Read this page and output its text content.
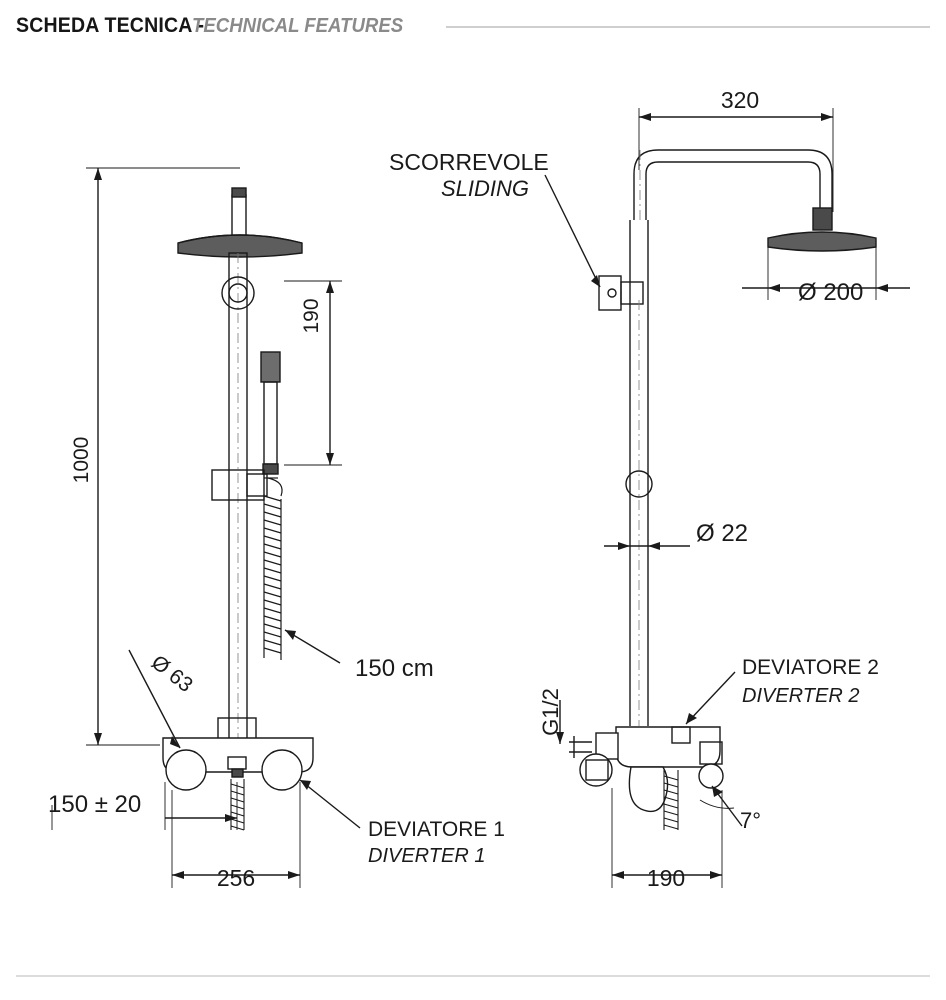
SCHEDA TECNICA -
TECHNICAL FEATURES
1000
190
Ø 63	150 cm
DEVIATORE 1
DIVERTER 1
150 ± 20
256
320
Ø 200
SCORREVOLE
SLIDING
Ø 22
G1/2
DEVIATORE 2
DIVERTER 2
7°
190
